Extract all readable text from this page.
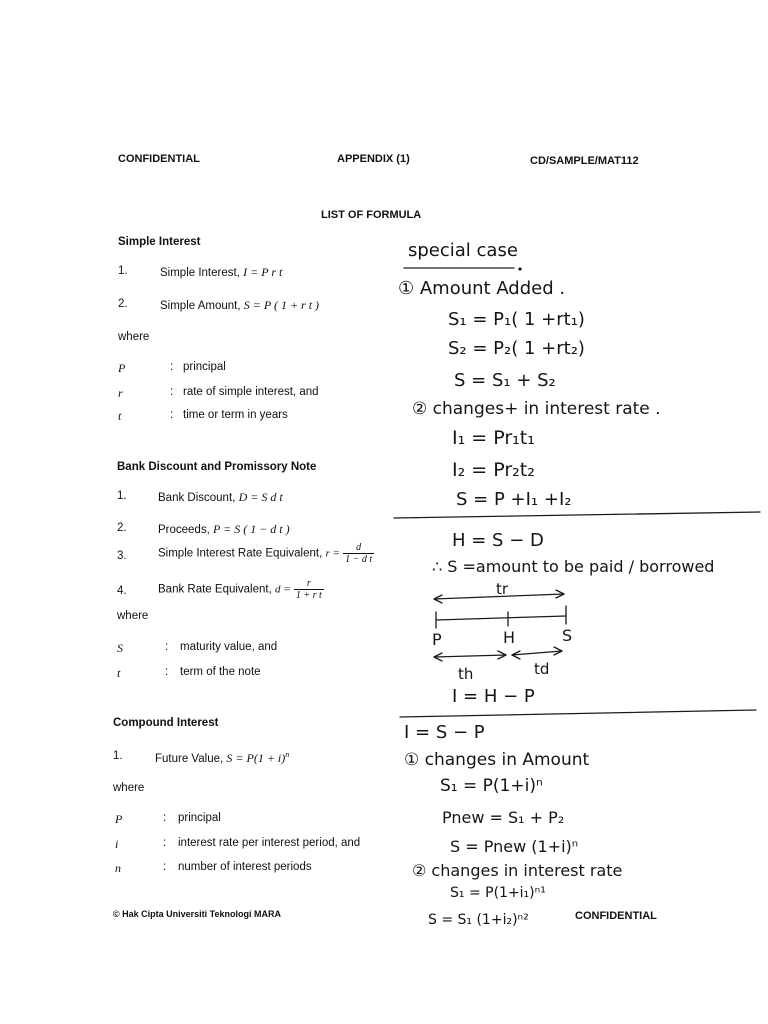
CONFIDENTIAL	APPENDIX (1)	CD/SAMPLE/MAT112
LIST OF FORMULA
Simple Interest
1.	Simple Interest, I = P r t
2.	Simple Amount, S = P ( 1 + r t )
where
P	: principal
r	: rate of simple interest, and
t	: time or term in years
Bank Discount and Promissory Note
1.	Bank Discount, D = S d t
2.	Proceeds, P = S ( 1 − d t )
3.	Simple Interest Rate Equivalent, $r = \frac{d}{\text{1 − d t}}$
4.	Bank Rate Equivalent, $d = \frac{r}{\text{1 + r t}}$
where
S	: maturity value, and
t	: term of the note
Compound Interest
1.	Future Value, $S = P(1 + i)^n$
where
P	: principal
i	: interest rate per interest period, and
n	: number of interest periods
© Hak Cipta Universiti Teknologi MARA	CONFIDENTIAL
special case
① Amount Added .
S₁ = P₁( 1 +rt₁)
S₂ = P₂( 1 +rt₂)
S = S₁ + S₂
② changes+ in interest rate .
I₁ = Pr₁t₁
I₂ = Pr₂t₂
S = P +I₁ +I₂
H = S − D
∴ S =amount to be paid / borrowed
tr
P	H	S
th	td
I = H − P
I = S − P
① changes in Amount
S₁ = P(1+i)ⁿ
Pnew = S₁ + P₂
S = Pnew (1+i)ⁿ
② changes in interest rate
S₁ = P(1+i₁)ⁿ¹
S = S₁ (1+i₂)ⁿ²
